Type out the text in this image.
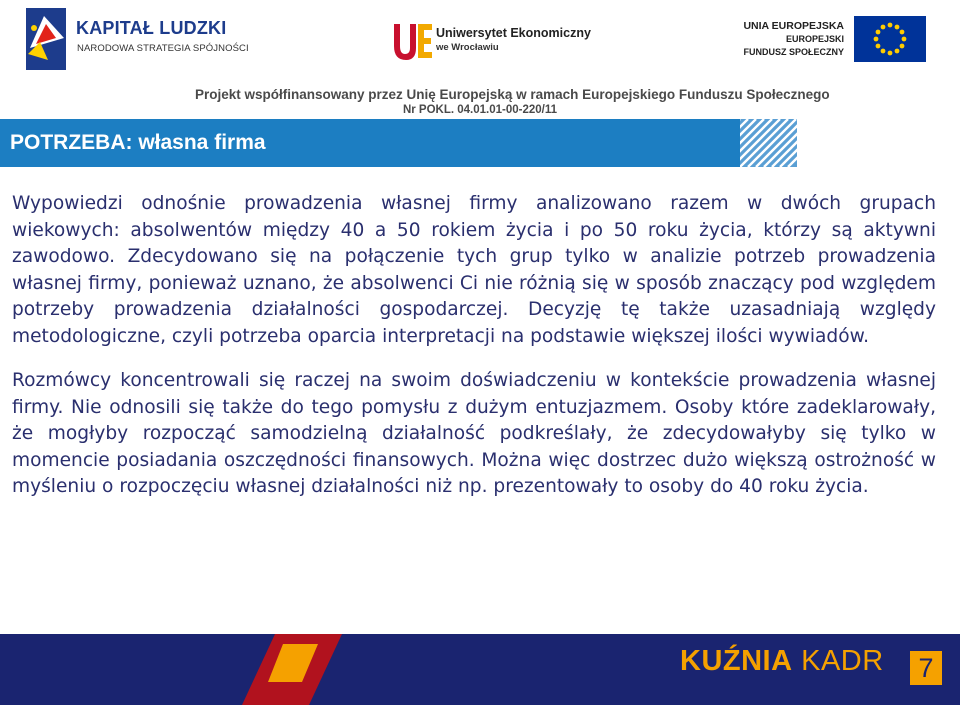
KAPITAŁ LUDZKI
NARODOWA STRATEGIA SPÓJNOŚCI
Uniwersytet Ekonomiczny
we Wrocławiu
UNIA EUROPEJSKA
EUROPEJSKI
FUNDUSZ SPOŁECZNY
Projekt współfinansowany przez Unię Europejską w ramach Europejskiego Funduszu Społecznego
Nr POKL. 04.01.01-00-220/11
POTRZEBA: własna firma

Wypowiedzi odnośnie prowadzenia własnej firmy analizowano razem w dwóch grupach wiekowych: absolwentów między 40 a 50 rokiem życia i po 50 roku życia, którzy są aktywni zawodowo. Zdecydowano się na połączenie tych grup tylko w analizie potrzeb prowadzenia własnej firmy, ponieważ uznano, że absolwenci Ci nie różnią się w sposób znaczący pod względem potrzeby prowadzenia działalności gospodarczej. Decyzję tę także uzasadniają względy metodologiczne, czyli potrzeba oparcia interpretacji na podstawie większej ilości wywiadów.

Rozmówcy koncentrowali się raczej na swoim doświadczeniu w kontekście prowadzenia własnej firmy. Nie odnosili się także do tego pomysłu z dużym entuzjazmem. Osoby które zadeklarowały, że mogłyby rozpocząć samodzielną działalność podkreślały, że zdecydowałyby się tylko w momencie posiadania oszczędności finansowych. Można więc dostrzec dużo większą ostrożność w myśleniu o rozpoczęciu własnej działalności niż np. prezentowały to osoby do 40 roku życia.

KUŹNIA KADR	7
